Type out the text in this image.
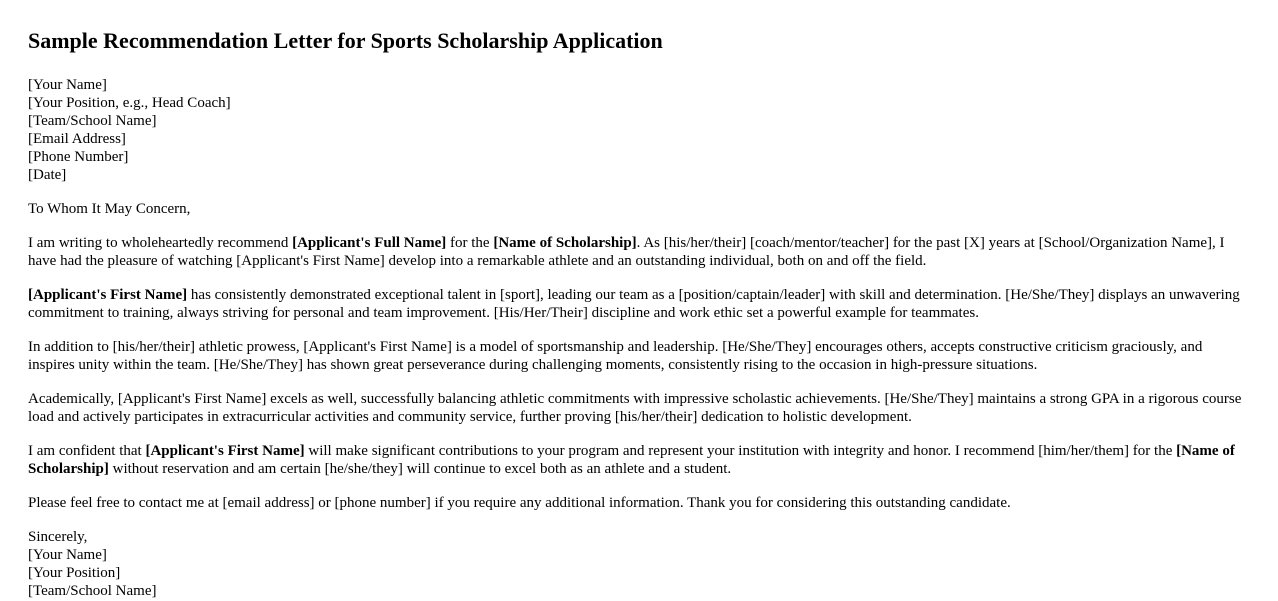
Sample Recommendation Letter for Sports Scholarship Application
[Your Name]
[Your Position, e.g., Head Coach]
[Team/School Name]
[Email Address]
[Phone Number]
[Date]

To Whom It May Concern,

I am writing to wholeheartedly recommend [Applicant's Full Name] for the [Name of Scholarship]. As [his/her/their] [coach/mentor/teacher] for the past [X] years at [School/Organization Name], I have had the pleasure of watching [Applicant's First Name] develop into a remarkable athlete and an outstanding individual, both on and off the field.

[Applicant's First Name] has consistently demonstrated exceptional talent in [sport], leading our team as a [position/captain/leader] with skill and determination. [He/She/They] displays an unwavering commitment to training, always striving for personal and team improvement. [His/Her/Their] discipline and work ethic set a powerful example for teammates.

In addition to [his/her/their] athletic prowess, [Applicant's First Name] is a model of sportsmanship and leadership. [He/She/They] encourages others, accepts constructive criticism graciously, and inspires unity within the team. [He/She/They] has shown great perseverance during challenging moments, consistently rising to the occasion in high-pressure situations.

Academically, [Applicant's First Name] excels as well, successfully balancing athletic commitments with impressive scholastic achievements. [He/She/They] maintains a strong GPA in a rigorous course load and actively participates in extracurricular activities and community service, further proving [his/her/their] dedication to holistic development.

I am confident that [Applicant's First Name] will make significant contributions to your program and represent your institution with integrity and honor. I recommend [him/her/them] for the [Name of Scholarship] without reservation and am certain [he/she/they] will continue to excel both as an athlete and a student.

Please feel free to contact me at [email address] or [phone number] if you require any additional information. Thank you for considering this outstanding candidate.

Sincerely,
[Your Name]
[Your Position]
[Team/School Name]
